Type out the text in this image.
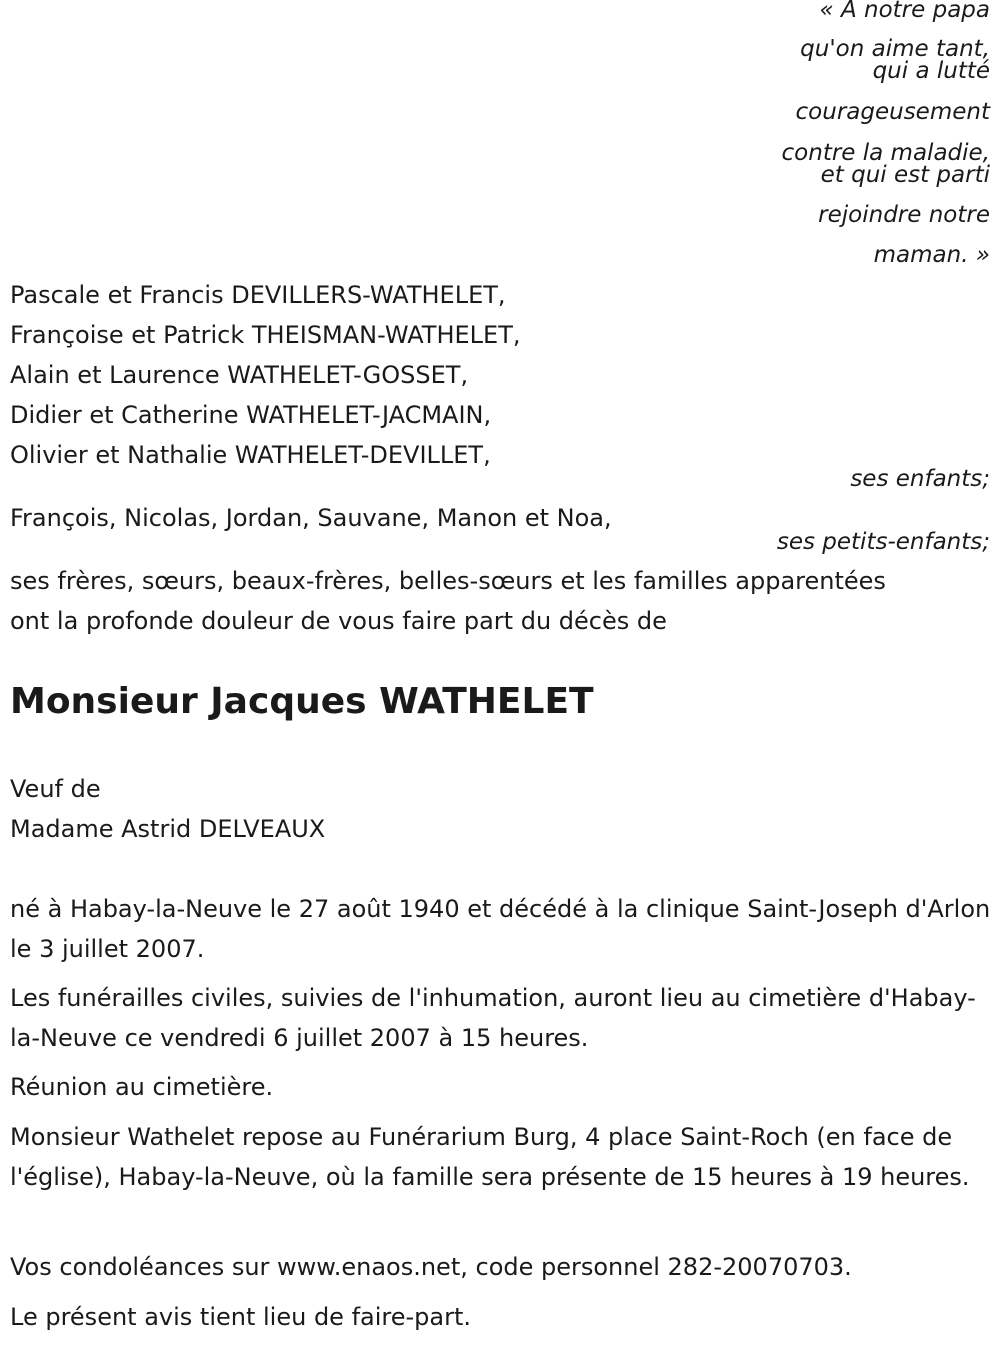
« A notre papa

qu'on aime tant,

qui a lutté

courageusement

contre la maladie,

et qui est parti

rejoindre notre

maman. »

Pascale et Francis DEVILLERS-WATHELET,

Françoise et Patrick THEISMAN-WATHELET,

Alain et Laurence WATHELET-GOSSET,

Didier et Catherine WATHELET-JACMAIN,

Olivier et Nathalie WATHELET-DEVILLET,

ses enfants;

François, Nicolas, Jordan, Sauvane, Manon et Noa,

ses petits-enfants;

ses frères, sœurs, beaux-frères, belles-sœurs et les familles apparentées

ont la profonde douleur de vous faire part du décès de

Monsieur Jacques WATHELET

Veuf de

Madame Astrid DELVEAUX

né à Habay-la-Neuve le 27 août 1940 et décédé à la clinique Saint-Joseph d'Arlon le 3 juillet 2007.

Les funérailles civiles, suivies de l'inhumation, auront lieu au cimetière d'Habay-la-Neuve ce vendredi 6 juillet 2007 à 15 heures.

Réunion au cimetière.

Monsieur Wathelet repose au Funérarium Burg, 4 place Saint-Roch (en face de l'église), Habay-la-Neuve, où la famille sera présente de 15 heures à 19 heures.

Vos condoléances sur www.enaos.net, code personnel 282-20070703.

Le présent avis tient lieu de faire-part.
